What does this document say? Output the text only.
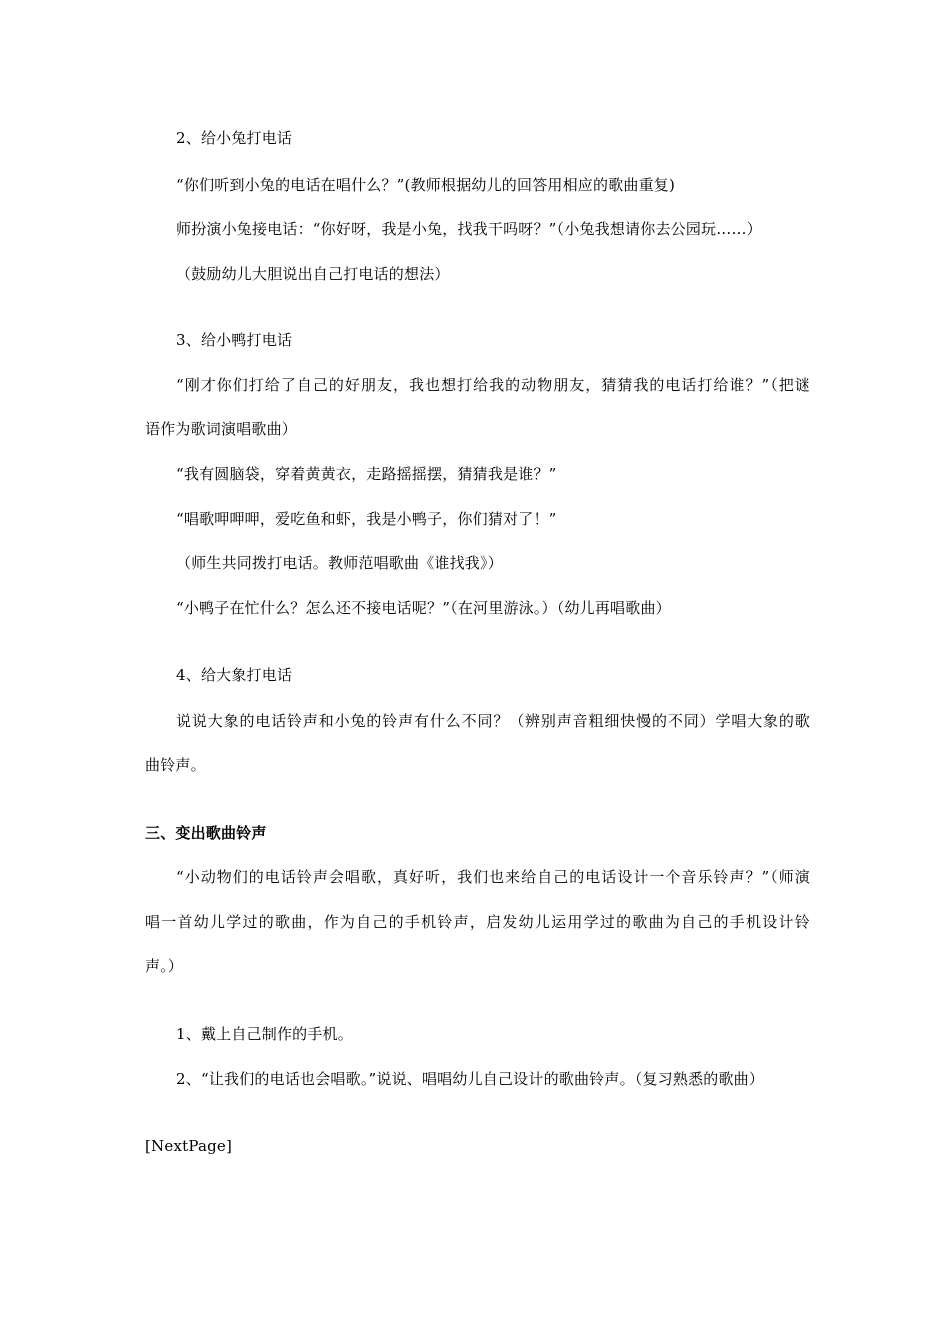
2、给小兔打电话
“你们听到小兔的电话在唱什么？”(教师根据幼儿的回答用相应的歌曲重复)
师扮演小兔接电话：“你好呀，我是小兔，找我干吗呀？”（小兔我想请你去公园玩……）
（鼓励幼儿大胆说出自己打电话的想法）
3、给小鸭打电话
“刚才你们打给了自己的好朋友，我也想打给我的动物朋友，猜猜我的电话打给谁？”（把谜
语作为歌词演唱歌曲）
“我有圆脑袋，穿着黄黄衣，走路摇摇摆，猜猜我是谁？”
“唱歌呷呷呷，爱吃鱼和虾，我是小鸭子，你们猜对了！”
（师生共同拨打电话。教师范唱歌曲《谁找我》）
“小鸭子在忙什么？怎么还不接电话呢？”（在河里游泳。）（幼儿再唱歌曲）
4、给大象打电话
说说大象的电话铃声和小兔的铃声有什么不同？（辨别声音粗细快慢的不同）学唱大象的歌
曲铃声。
三、变出歌曲铃声
“小动物们的电话铃声会唱歌，真好听，我们也来给自己的电话设计一个音乐铃声？”（师演
唱一首幼儿学过的歌曲，作为自己的手机铃声，启发幼儿运用学过的歌曲为自己的手机设计铃
声。）
1、戴上自己制作的手机。
2、“让我们的电话也会唱歌。”说说、唱唱幼儿自己设计的歌曲铃声。（复习熟悉的歌曲）
[NextPage]
